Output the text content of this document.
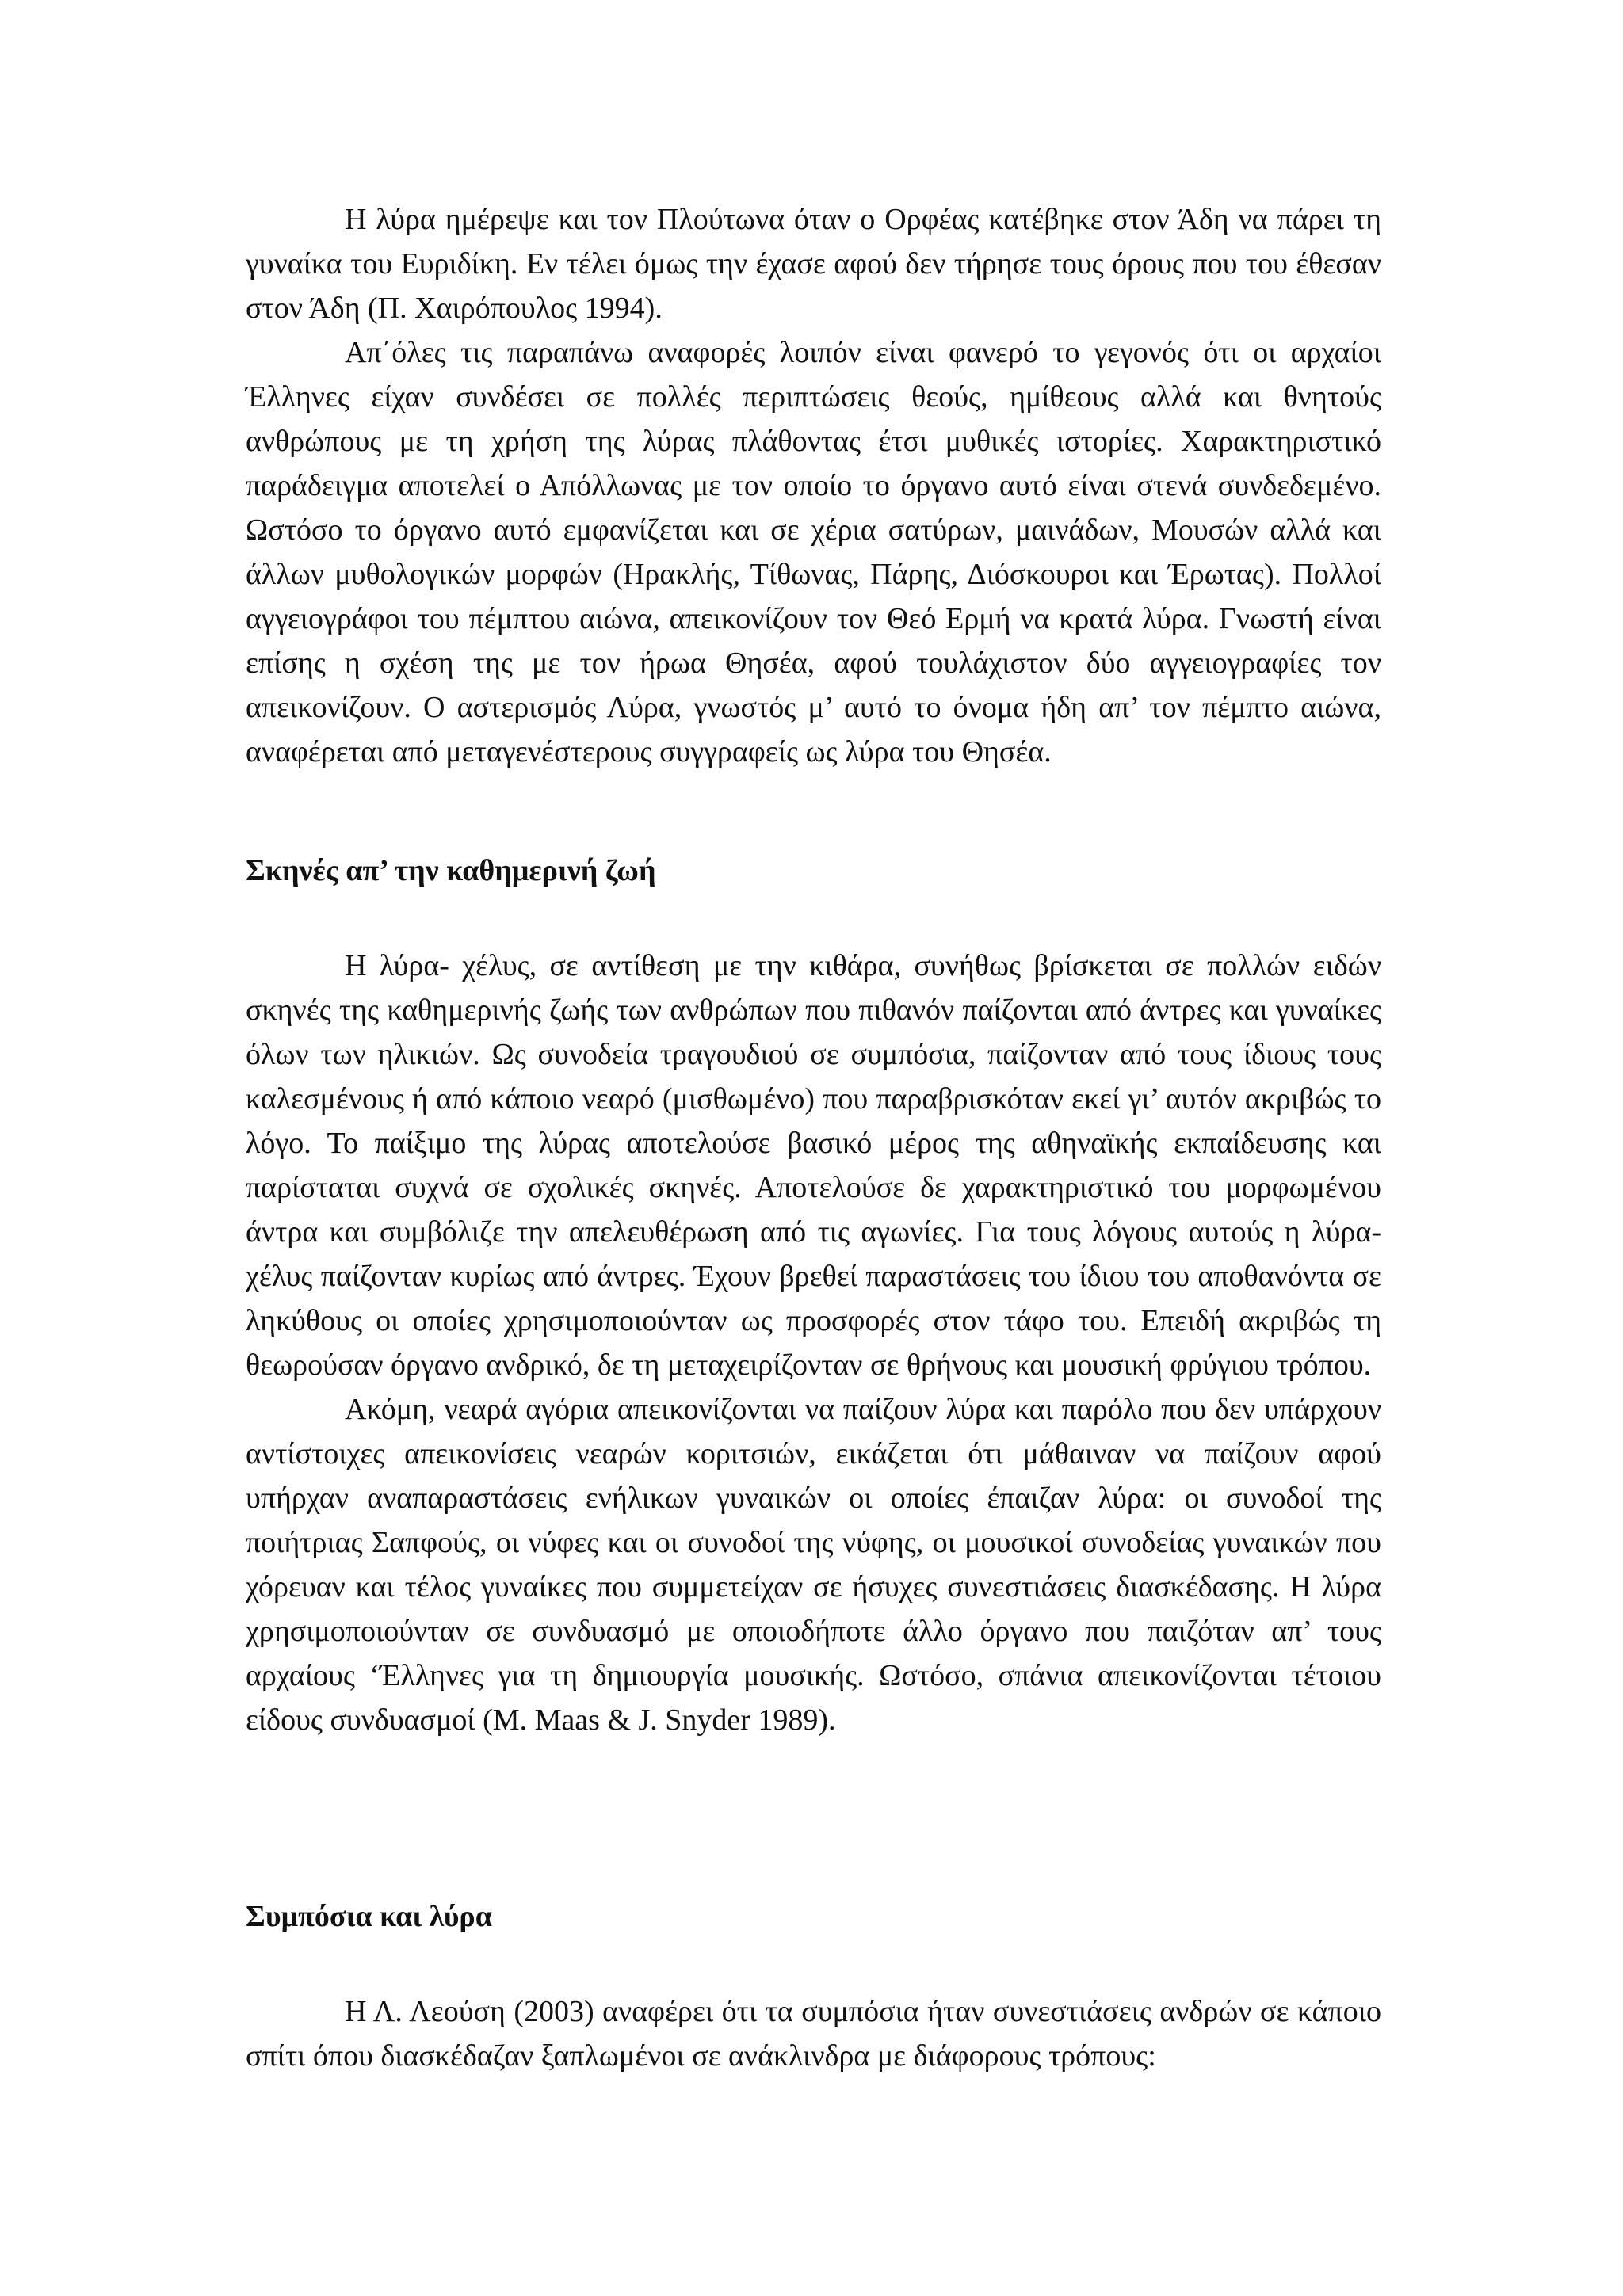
Η λύρα ημέρεψε και τον Πλούτωνα όταν ο Ορφέας κατέβηκε στον Άδη να πάρει τη γυναίκα του Ευριδίκη. Εν τέλει όμως την έχασε αφού δεν τήρησε τους όρους που του έθεσαν στον Άδη (Π. Χαιρόπουλος 1994).

Απ΄όλες τις παραπάνω αναφορές λοιπόν είναι φανερό το γεγονός ότι οι αρχαίοι Έλληνες είχαν συνδέσει σε πολλές περιπτώσεις θεούς, ημίθεους αλλά και θνητούς ανθρώπους με τη χρήση της λύρας πλάθοντας έτσι μυθικές ιστορίες. Χαρακτηριστικό παράδειγμα αποτελεί ο Απόλλωνας με τον οποίο το όργανο αυτό είναι στενά συνδεδεμένο. Ωστόσο το όργανο αυτό εμφανίζεται και σε χέρια σατύρων, μαινάδων, Μουσών αλλά και άλλων μυθολογικών μορφών (Ηρακλής, Τίθωνας, Πάρης, Διόσκουροι και Έρωτας). Πολλοί αγγειογράφοι του πέμπτου αιώνα, απεικονίζουν τον Θεό Ερμή να κρατά λύρα. Γνωστή είναι επίσης η σχέση της με τον ήρωα Θησέα, αφού τουλάχιστον δύο αγγειογραφίες τον απεικονίζουν. Ο αστερισμός Λύρα, γνωστός μ’ αυτό το όνομα ήδη απ’ τον πέμπτο αιώνα, αναφέρεται από μεταγενέστερους συγγραφείς ως λύρα του Θησέα.

Σκηνές απ’ την καθημερινή ζωή

Η λύρα- χέλυς, σε αντίθεση με την κιθάρα, συνήθως βρίσκεται σε πολλών ειδών σκηνές της καθημερινής ζωής των ανθρώπων που πιθανόν παίζονται από άντρες και γυναίκες όλων των ηλικιών. Ως συνοδεία τραγουδιού σε συμπόσια, παίζονταν από τους ίδιους τους καλεσμένους ή από κάποιο νεαρό (μισθωμένο) που παραβρισκόταν εκεί γι’ αυτόν ακριβώς το λόγο. Το παίξιμο της λύρας αποτελούσε βασικό μέρος της αθηναϊκής εκπαίδευσης και παρίσταται συχνά σε σχολικές σκηνές. Αποτελούσε δε χαρακτηριστικό του μορφωμένου άντρα και συμβόλιζε την απελευθέρωση από τις αγωνίες. Για τους λόγους αυτούς η λύρα- χέλυς παίζονταν κυρίως από άντρες. Έχουν βρεθεί παραστάσεις του ίδιου του αποθανόντα σε ληκύθους οι οποίες χρησιμοποιούνταν ως προσφορές στον τάφο του. Επειδή ακριβώς τη θεωρούσαν όργανο ανδρικό, δε τη μεταχειρίζονταν σε θρήνους και μουσική φρύγιου τρόπου.

Ακόμη, νεαρά αγόρια απεικονίζονται να παίζουν λύρα και παρόλο που δεν υπάρχουν αντίστοιχες απεικονίσεις νεαρών κοριτσιών, εικάζεται ότι μάθαιναν να παίζουν αφού υπήρχαν αναπαραστάσεις ενήλικων γυναικών οι οποίες έπαιζαν λύρα: οι συνοδοί της ποιήτριας Σαπφούς, οι νύφες και οι συνοδοί της νύφης, οι μουσικοί συνοδείας γυναικών που χόρευαν και τέλος γυναίκες που συμμετείχαν σε ήσυχες συνεστιάσεις διασκέδασης. Η λύρα χρησιμοποιούνταν σε συνδυασμό με οποιοδήποτε άλλο όργανο που παιζόταν απ’ τους αρχαίους ‘Έλληνες για τη δημιουργία μουσικής. Ωστόσο, σπάνια απεικονίζονται τέτοιου είδους συνδυασμοί (M. Maas & J. Snyder 1989).

Συμπόσια και λύρα

Η Λ. Λεούση (2003) αναφέρει ότι τα συμπόσια ήταν συνεστιάσεις ανδρών σε κάποιο σπίτι όπου διασκέδαζαν ξαπλωμένοι σε ανάκλινδρα με διάφορους τρόπους:
